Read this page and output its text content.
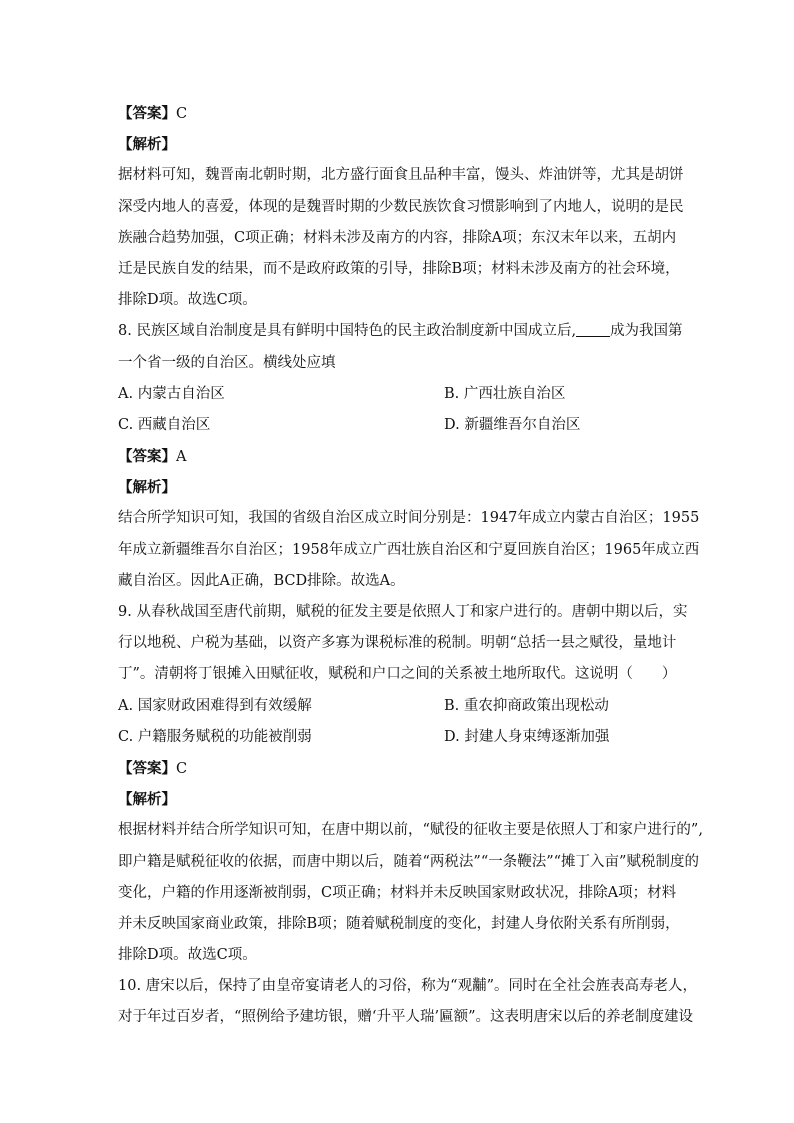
【答案】C
【解析】
据材料可知，魏晋南北朝时期，北方盛行面食且品种丰富，馒头、炸油饼等，尤其是胡饼
深受内地人的喜爱，体现的是魏晋时期的少数民族饮食习惯影响到了内地人，说明的是民
族融合趋势加强，C项正确；材料未涉及南方的内容，排除A项；东汉末年以来，五胡内
迁是民族自发的结果，而不是政府政策的引导，排除B项；材料未涉及南方的社会环境，
排除D项。故选C项。
8. 民族区域自治制度是具有鲜明中国特色的民主政治制度新中国成立后, 成为我国第
一个省一级的自治区。横线处应填
A. 内蒙古自治区	B. 广西壮族自治区
C. 西藏自治区	D. 新疆维吾尔自治区
【答案】A
【解析】
结合所学知识可知，我国的省级自治区成立时间分别是：1947年成立内蒙古自治区；1955
年成立新疆维吾尔自治区；1958年成立广西壮族自治区和宁夏回族自治区；1965年成立西
藏自治区。因此A正确，BCD排除。故选A。
9. 从春秋战国至唐代前期，赋税的征发主要是依照人丁和家户进行的。唐朝中期以后，实
行以地税、户税为基础，以资产多寡为课税标准的税制。明朝“总括一县之赋役，量地计
丁”。清朝将丁银摊入田赋征收，赋税和户口之间的关系被土地所取代。这说明（　　）
A. 国家财政困难得到有效缓解	B. 重农抑商政策出现松动
C. 户籍服务赋税的功能被削弱	D. 封建人身束缚逐渐加强
【答案】C
【解析】
根据材料并结合所学知识可知，在唐中期以前，“赋役的征收主要是依照人丁和家户进行的”,
即户籍是赋税征收的依据，而唐中期以后，随着“两税法”“一条鞭法”“摊丁入亩”赋税制度的
变化，户籍的作用逐渐被削弱，C项正确；材料并未反映国家财政状况，排除A项；材料
并未反映国家商业政策，排除B项；随着赋税制度的变化，封建人身依附关系有所削弱，
排除D项。故选C项。
10. 唐宋以后，保持了由皇帝宴请老人的习俗，称为“观黼”。同时在全社会旌表高寿老人，
对于年过百岁者，“照例给予建坊银，赠‘升平人瑞’匾额”。这表明唐宋以后的养老制度建设
